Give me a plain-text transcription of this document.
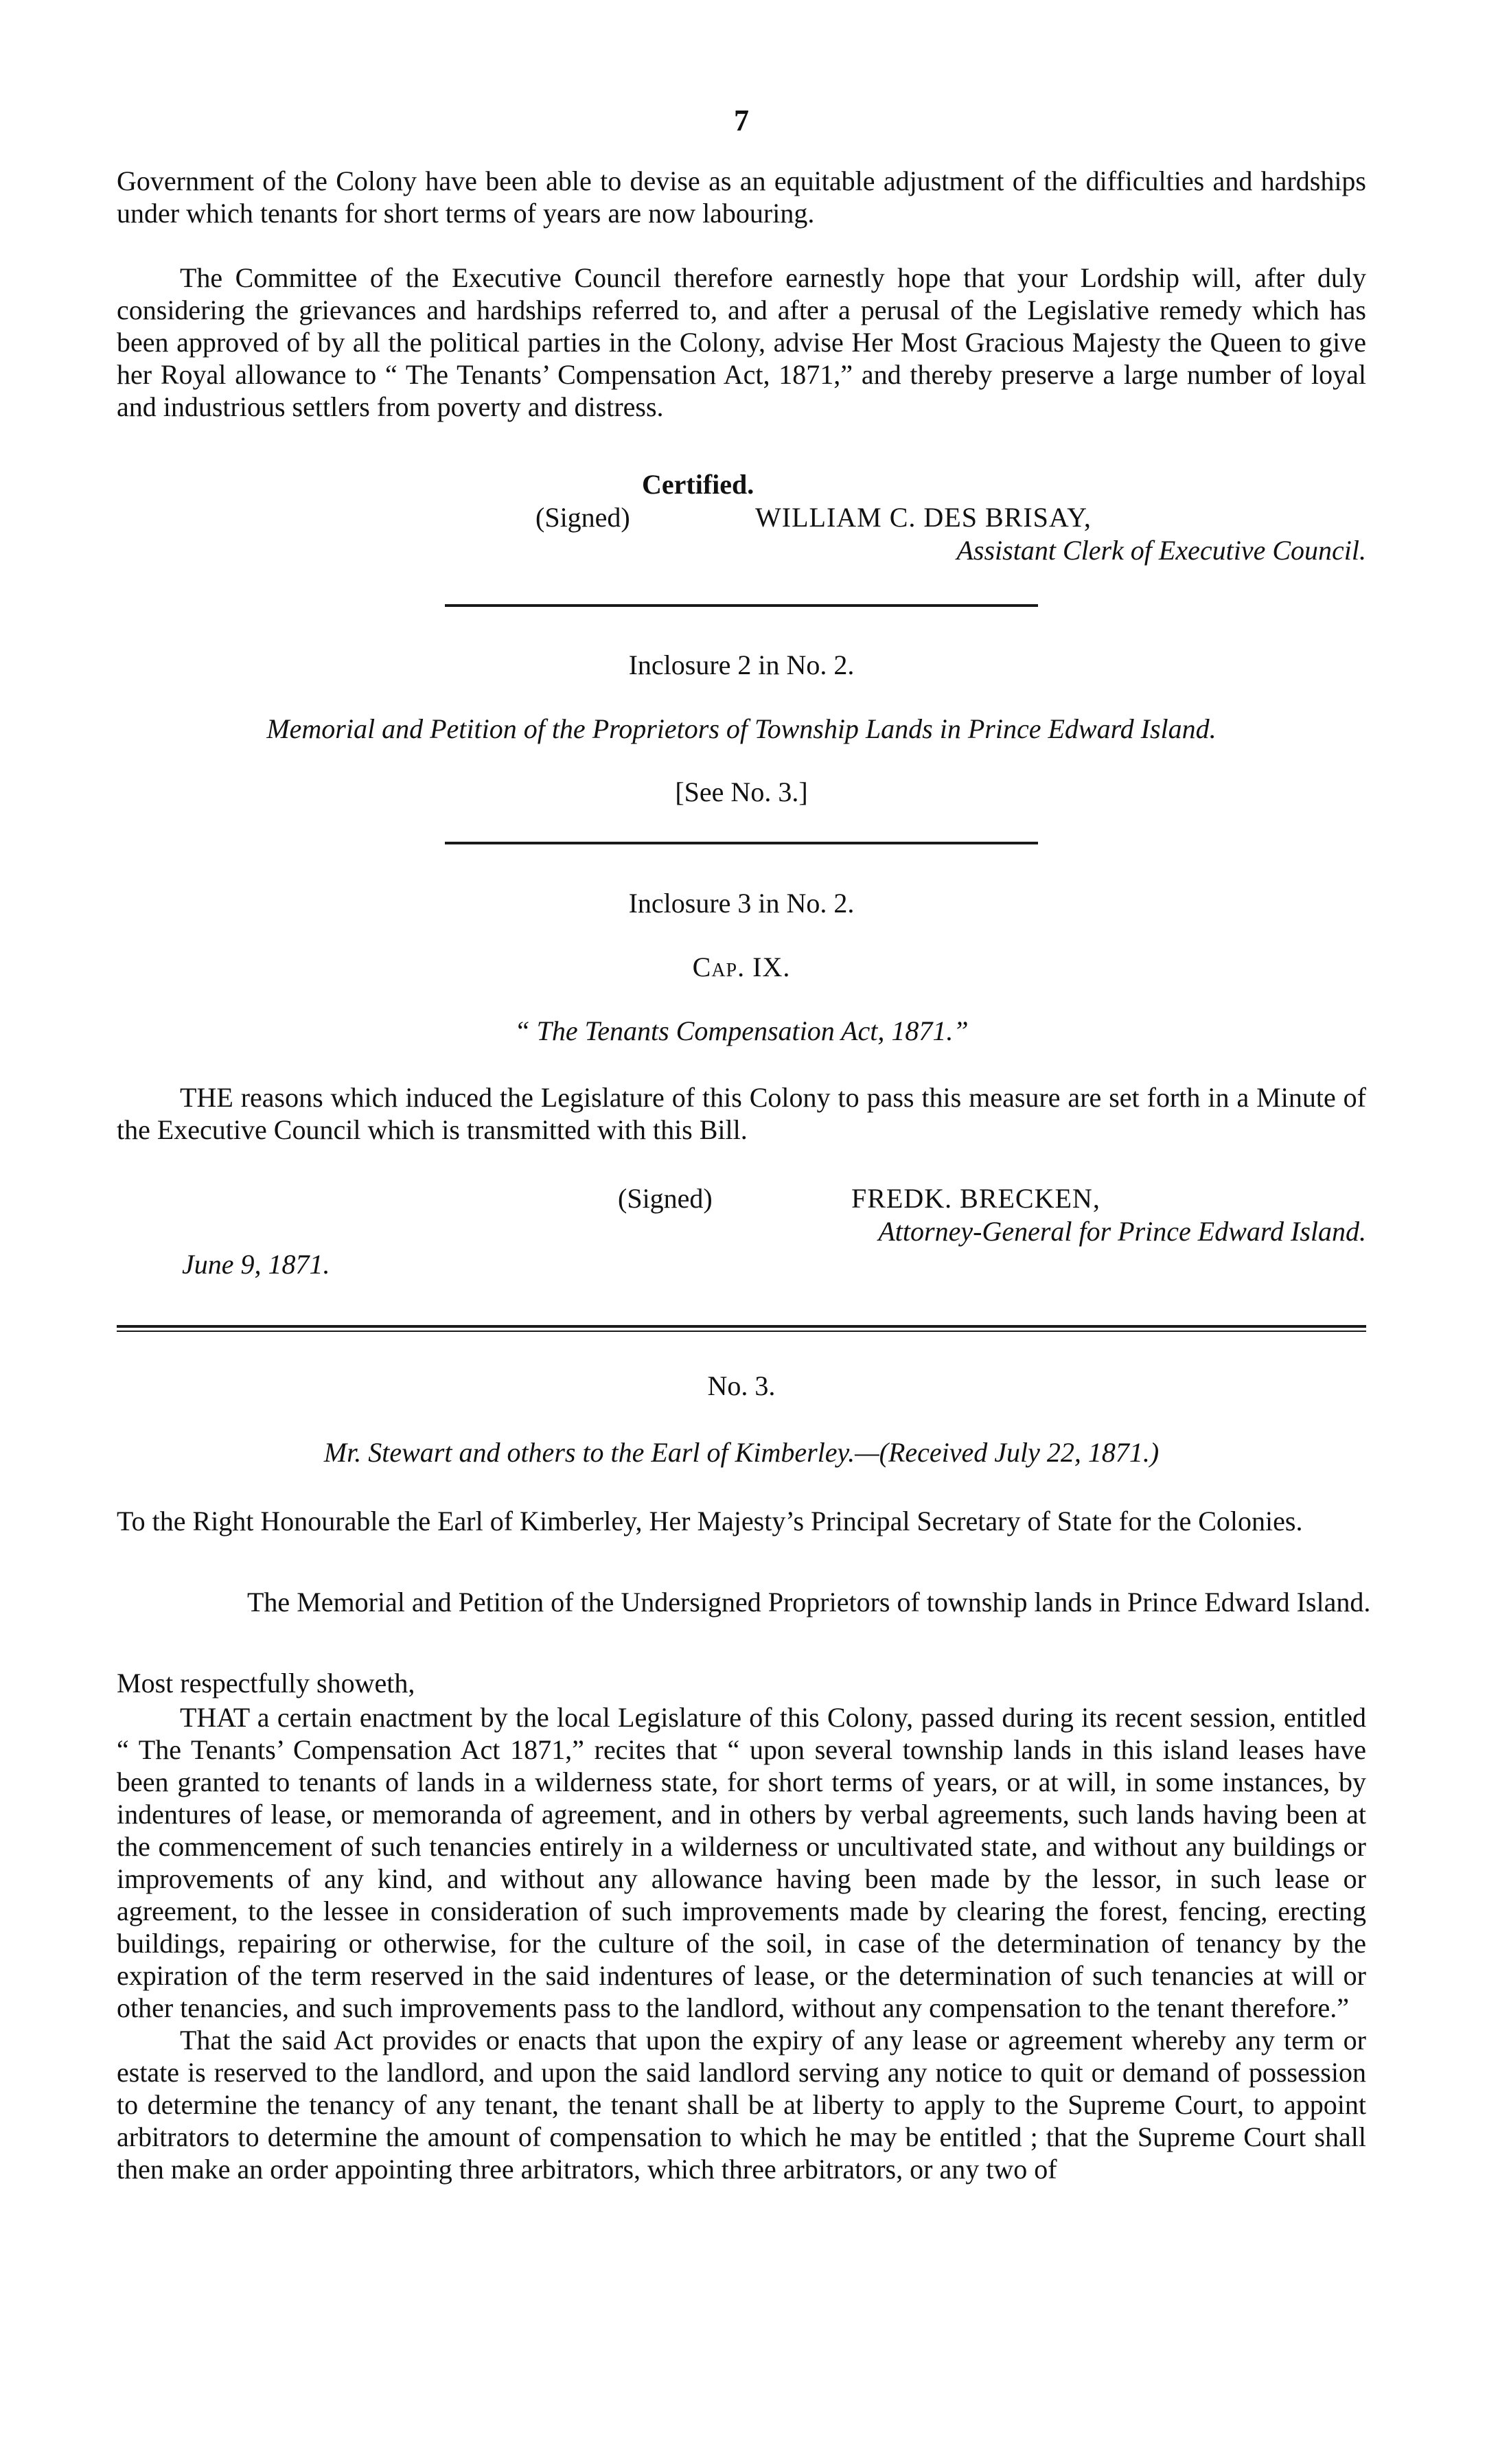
7

Government of the Colony have been able to devise as an equitable adjustment of the difficulties and hardships under which tenants for short terms of years are now labouring.

The Committee of the Executive Council therefore earnestly hope that your Lordship will, after duly considering the grievances and hardships referred to, and after a perusal of the Legislative remedy which has been approved of by all the political parties in the Colony, advise Her Most Gracious Majesty the Queen to give her Royal allowance to “ The Tenants’ Compensation Act, 1871,” and thereby preserve a large number of loyal and industrious settlers from poverty and distress.

Certified.
(Signed)	WILLIAM C. DES BRISAY,
Assistant Clerk of Executive Council.
Inclosure 2 in No. 2.
Memorial and Petition of the Proprietors of Township Lands in Prince Edward Island.
[See No. 3.]
Inclosure 3 in No. 2.
Cap. IX.
“ The Tenants Compensation Act, 1871.”

THE reasons which induced the Legislature of this Colony to pass this measure are set forth in a Minute of the Executive Council which is transmitted with this Bill.

(Signed)	FREDK. BRECKEN,
Attorney-General for Prince Edward Island.
June 9, 1871.
No. 3.
Mr. Stewart and others to the Earl of Kimberley.—(Received July 22, 1871.)

To the Right Honourable the Earl of Kimberley, Her Majesty’s Principal Secretary of State for the Colonies.

The Memorial and Petition of the Undersigned Proprietors of township lands in Prince Edward Island.

Most respectfully showeth,

THAT a certain enactment by the local Legislature of this Colony, passed during its recent session, entitled “ The Tenants’ Compensation Act 1871,” recites that “ upon several township lands in this island leases have been granted to tenants of lands in a wilderness state, for short terms of years, or at will, in some instances, by indentures of lease, or memoranda of agreement, and in others by verbal agreements, such lands having been at the commencement of such tenancies entirely in a wilderness or uncultivated state, and without any buildings or improvements of any kind, and without any allowance having been made by the lessor, in such lease or agreement, to the lessee in consideration of such improvements made by clearing the forest, fencing, erecting buildings, repairing or otherwise, for the culture of the soil, in case of the determination of tenancy by the expiration of the term reserved in the said indentures of lease, or the determination of such tenancies at will or other tenancies, and such improvements pass to the landlord, without any compensation to the tenant therefore.”

That the said Act provides or enacts that upon the expiry of any lease or agreement whereby any term or estate is reserved to the landlord, and upon the said landlord serving any notice to quit or demand of possession to determine the tenancy of any tenant, the tenant shall be at liberty to apply to the Supreme Court, to appoint arbitrators to determine the amount of compensation to which he may be entitled ; that the Supreme Court shall then make an order appointing three arbitrators, which three arbitrators, or any two of
